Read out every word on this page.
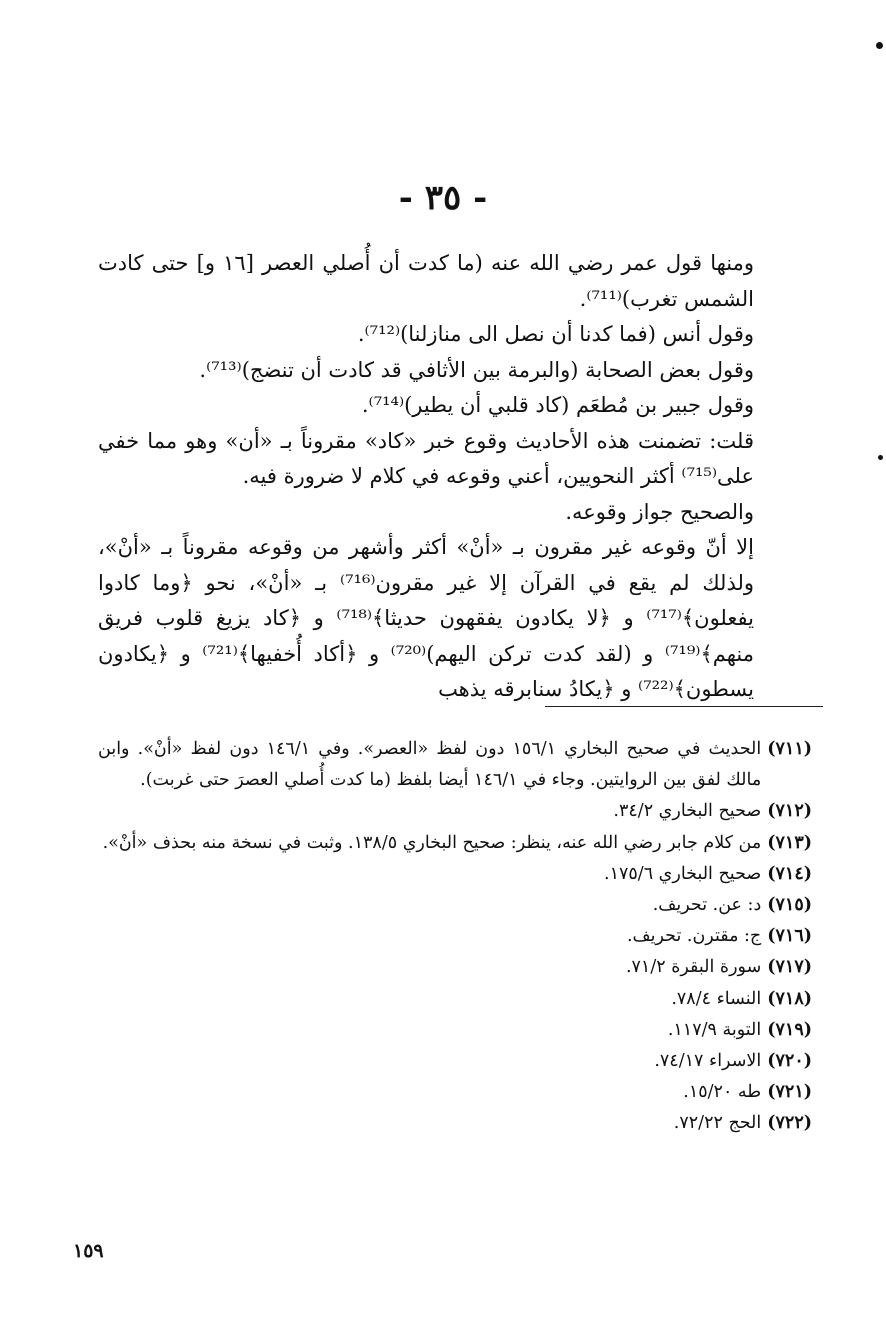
- ٣٥ -

ومنها قول عمر رضي الله عنه (ما كدت أن أُصلي العصر [١٦ و] حتى كادت الشمس تغرب)⁽⁷¹¹⁾.

وقول أنس (فما كدنا أن نصل الى منازلنا)⁽⁷¹²⁾.

وقول بعض الصحابة (والبرمة بين الأثافي قد كادت أن تنضج)⁽⁷¹³⁾.

وقول جبير بن مُطعَم (كاد قلبي أن يطير)⁽⁷¹⁴⁾.

قلت: تضمنت هذه الأحاديث وقوع خبر «كاد» مقروناً بـ «أن» وهو مما خفي على⁽⁷¹⁵⁾ أكثر النحويين، أعني وقوعه في كلام لا ضرورة فيه.

والصحيح جواز وقوعه.

إلا أنّ وقوعه غير مقرون بـ «أنْ» أكثر وأشهر من وقوعه مقروناً بـ «أنْ»، ولذلك لم يقع في القرآن إلا غير مقرون⁽⁷¹⁶⁾ بـ «أنْ»، نحو ﴿وما كادوا يفعلون﴾⁽⁷¹⁷⁾ و ﴿لا يكادون يفقهون حديثا﴾⁽⁷¹⁸⁾ و ﴿كاد يزيغ قلوب فريق منهم﴾⁽⁷¹⁹⁾ و (لقد كدت تركن اليهم)⁽⁷²⁰⁾ و ﴿أكاد أُخفيها﴾⁽⁷²¹⁾ و ﴿يكادون يسطون﴾⁽⁷²²⁾ و ﴿يكادُ سنابرقه يذهب

(٧١١)
الحديث في صحيح البخاري ١٥٦/١ دون لفظ «العصر». وفي ١٤٦/١ دون لفظ «أنْ». وابن مالك لفق بين الروايتين. وجاء في ١٤٦/١ أيضا بلفظ (ما كدت أُصلي العصرَ حتى غربت).
(٧١٢)
صحيح البخاري ٣٤/٢.
(٧١٣)
من كلام جابر رضي الله عنه، ينظر: صحيح البخاري ١٣٨/٥. وثبت في نسخة منه بحذف «أنْ».
(٧١٤)
صحيح البخاري ١٧٥/٦.
(٧١٥)
د: عن. تحريف.
(٧١٦)
ج: مقترن. تحريف.
(٧١٧)
سورة البقرة ٧١/٢.
(٧١٨)
النساء ٧٨/٤.
(٧١٩)
التوبة ١١٧/٩.
(٧٢٠)
الاسراء ٧٤/١٧.
(٧٢١)
طه ١٥/٢٠.
(٧٢٢)
الحج ٧٢/٢٢.
١٥٩
